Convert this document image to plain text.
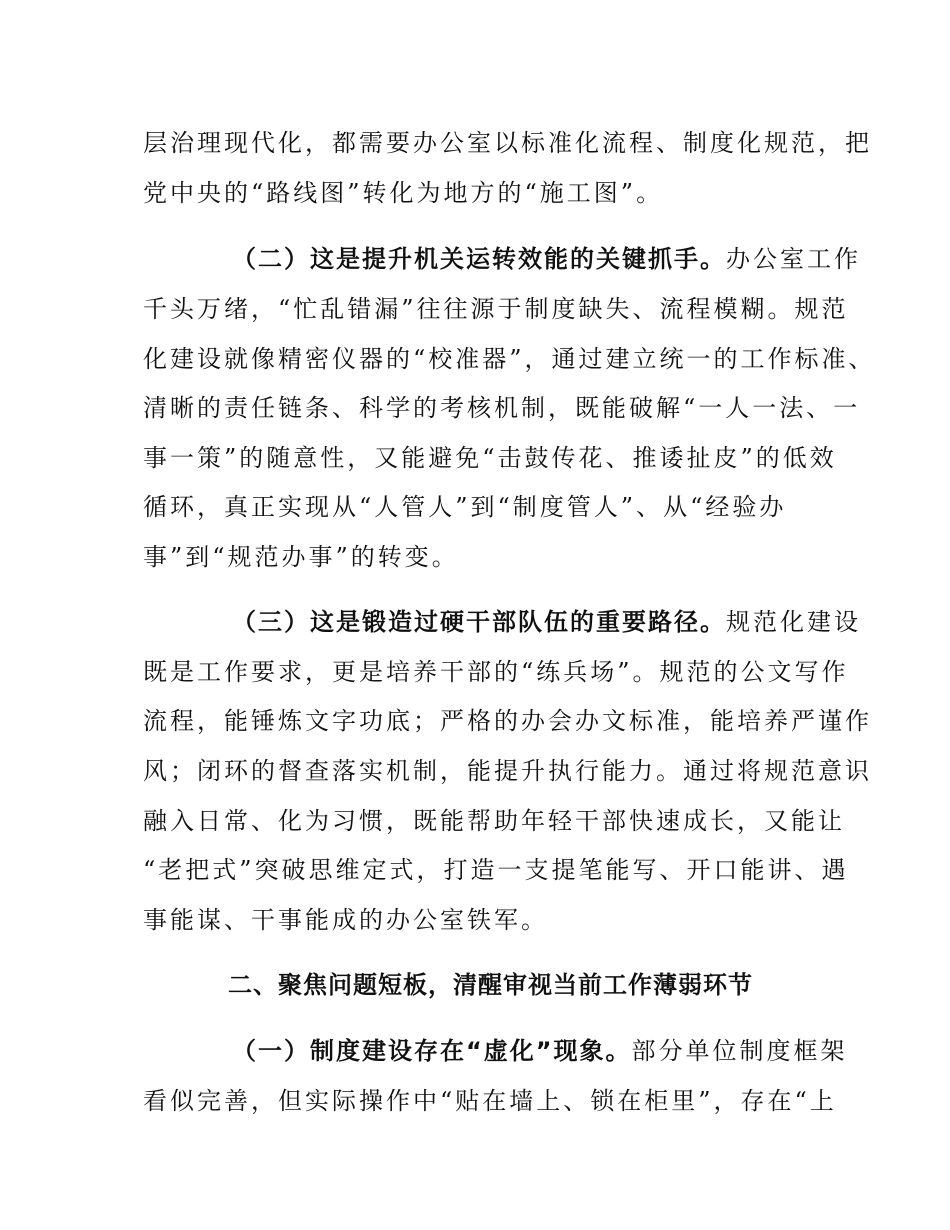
层治理现代化，都需要办公室以标准化流程、制度化规范，把
党中央的“路线图”转化为地方的“施工图”。
（二）这是提升机关运转效能的关键抓手。办公室工作
千头万绪，“忙乱错漏”往往源于制度缺失、流程模糊。规范
化建设就像精密仪器的“校准器”，通过建立统一的工作标准、
清晰的责任链条、科学的考核机制，既能破解“一人一法、一
事一策”的随意性，又能避免“击鼓传花、推诿扯皮”的低效
循环，真正实现从“人管人”到“制度管人”、从“经验办
事”到“规范办事”的转变。
（三）这是锻造过硬干部队伍的重要路径。规范化建设
既是工作要求，更是培养干部的“练兵场”。规范的公文写作
流程，能锤炼文字功底；严格的办会办文标准，能培养严谨作
风；闭环的督查落实机制，能提升执行能力。通过将规范意识
融入日常、化为习惯，既能帮助年轻干部快速成长，又能让
“老把式”突破思维定式，打造一支提笔能写、开口能讲、遇
事能谋、干事能成的办公室铁军。
二、聚焦问题短板，清醒审视当前工作薄弱环节
（一）制度建设存在“虚化”现象。部分单位制度框架
看似完善，但实际操作中“贴在墙上、锁在柜里”，存在“上
